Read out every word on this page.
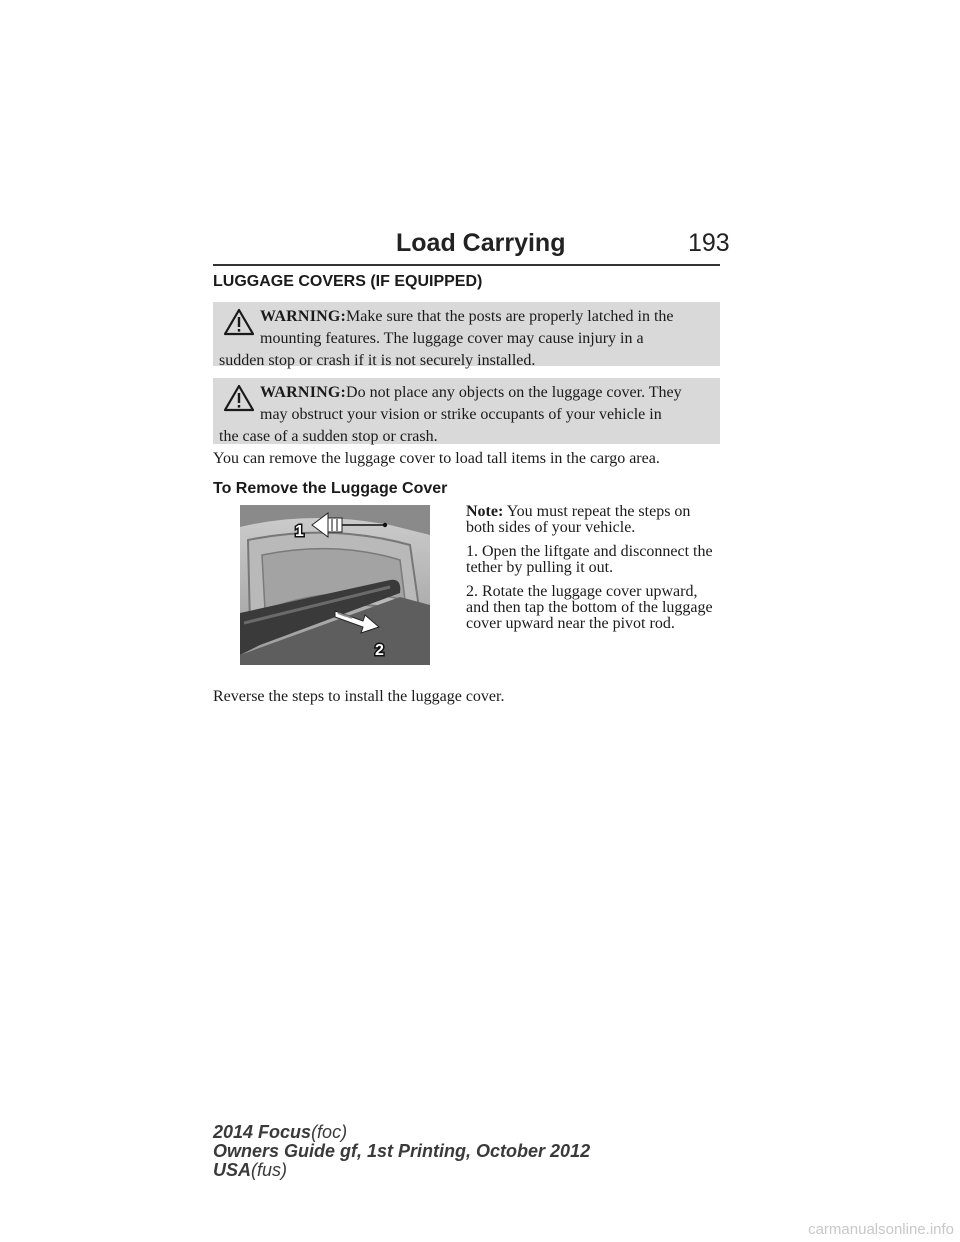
Load Carrying	193
LUGGAGE COVERS (IF EQUIPPED)
WARNING:Make sure that the posts are properly latched in the
mounting features. The luggage cover may cause injury in a
sudden stop or crash if it is not securely installed.
WARNING:Do not place any objects on the luggage cover. They
may obstruct your vision or strike occupants of your vehicle in
the case of a sudden stop or crash.
You can remove the luggage cover to load tall items in the cargo area.
To Remove the Luggage Cover
1
2

Note: You must repeat the steps on both sides of your vehicle.

1. Open the liftgate and disconnect the tether by pulling it out.

2. Rotate the luggage cover upward, and then tap the bottom of the luggage cover upward near the pivot rod.

Reverse the steps to install the luggage cover.
2014 Focus(foc)
Owners Guide gf, 1st Printing, October 2012
USA(fus)
carmanualsonline.info
